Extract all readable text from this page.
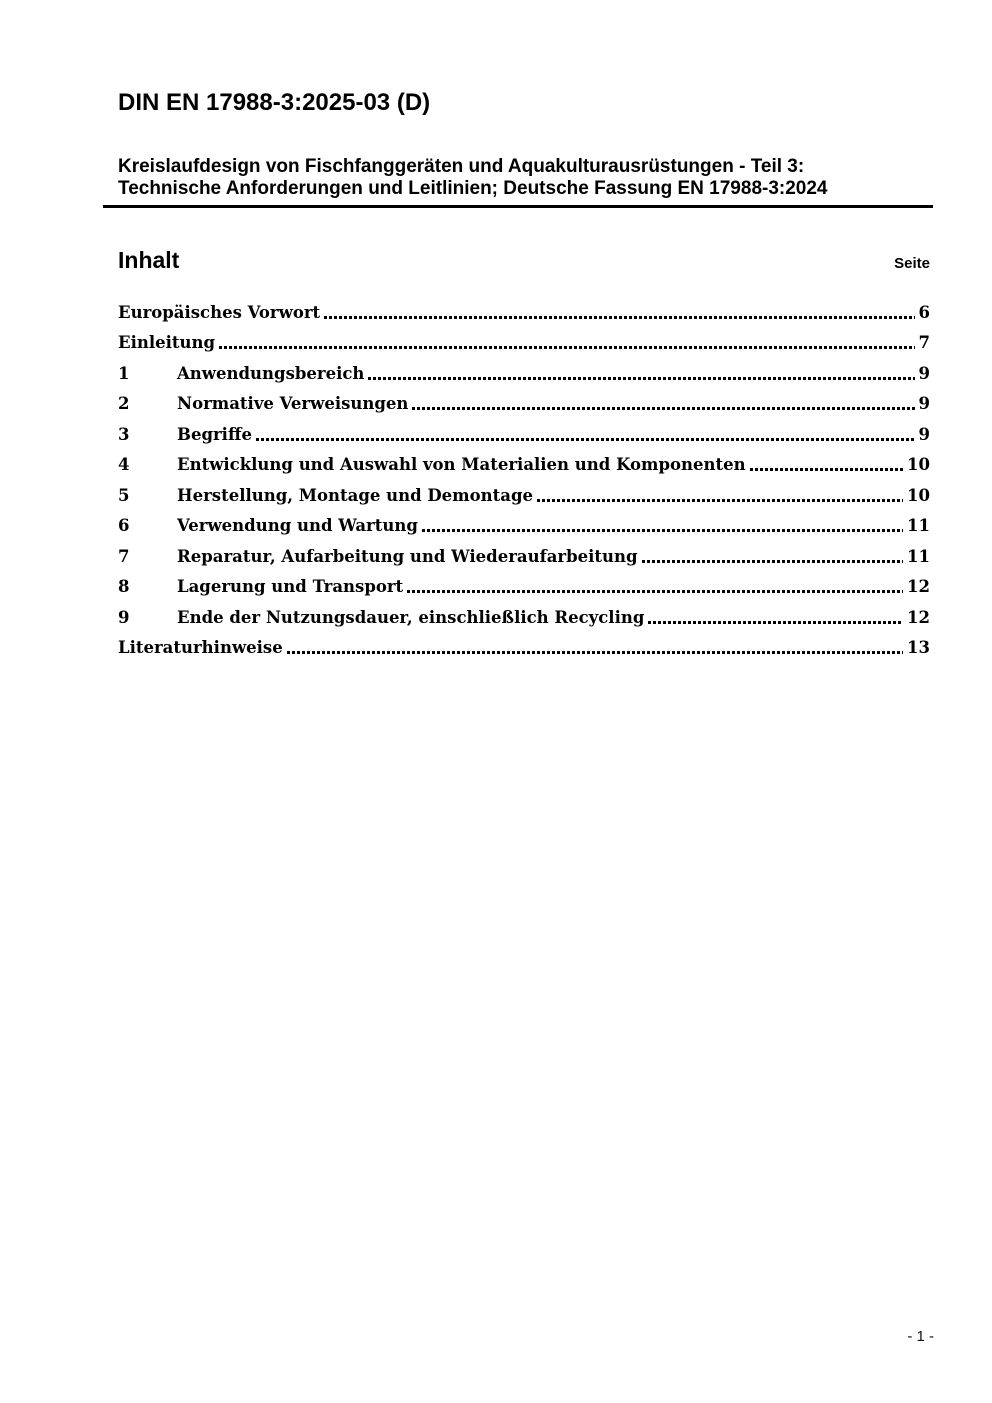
DIN EN 17988-3:2025-03 (D)
Kreislaufdesign von Fischfanggeräten und Aquakulturausrüstungen - Teil 3:
Technische Anforderungen und Leitlinien; Deutsche Fassung EN 17988-3:2024
Inhalt	Seite
Europäisches Vorwort	6
Einleitung	7
1	Anwendungsbereich	9
2	Normative Verweisungen	9
3	Begriffe	9
4	Entwicklung und Auswahl von Materialien und Komponenten	10
5	Herstellung, Montage und Demontage	10
6	Verwendung und Wartung	11
7	Reparatur, Aufarbeitung und Wiederaufarbeitung	11
8	Lagerung und Transport	12
9	Ende der Nutzungsdauer, einschließlich Recycling	12
Literaturhinweise	13
- 1 -
